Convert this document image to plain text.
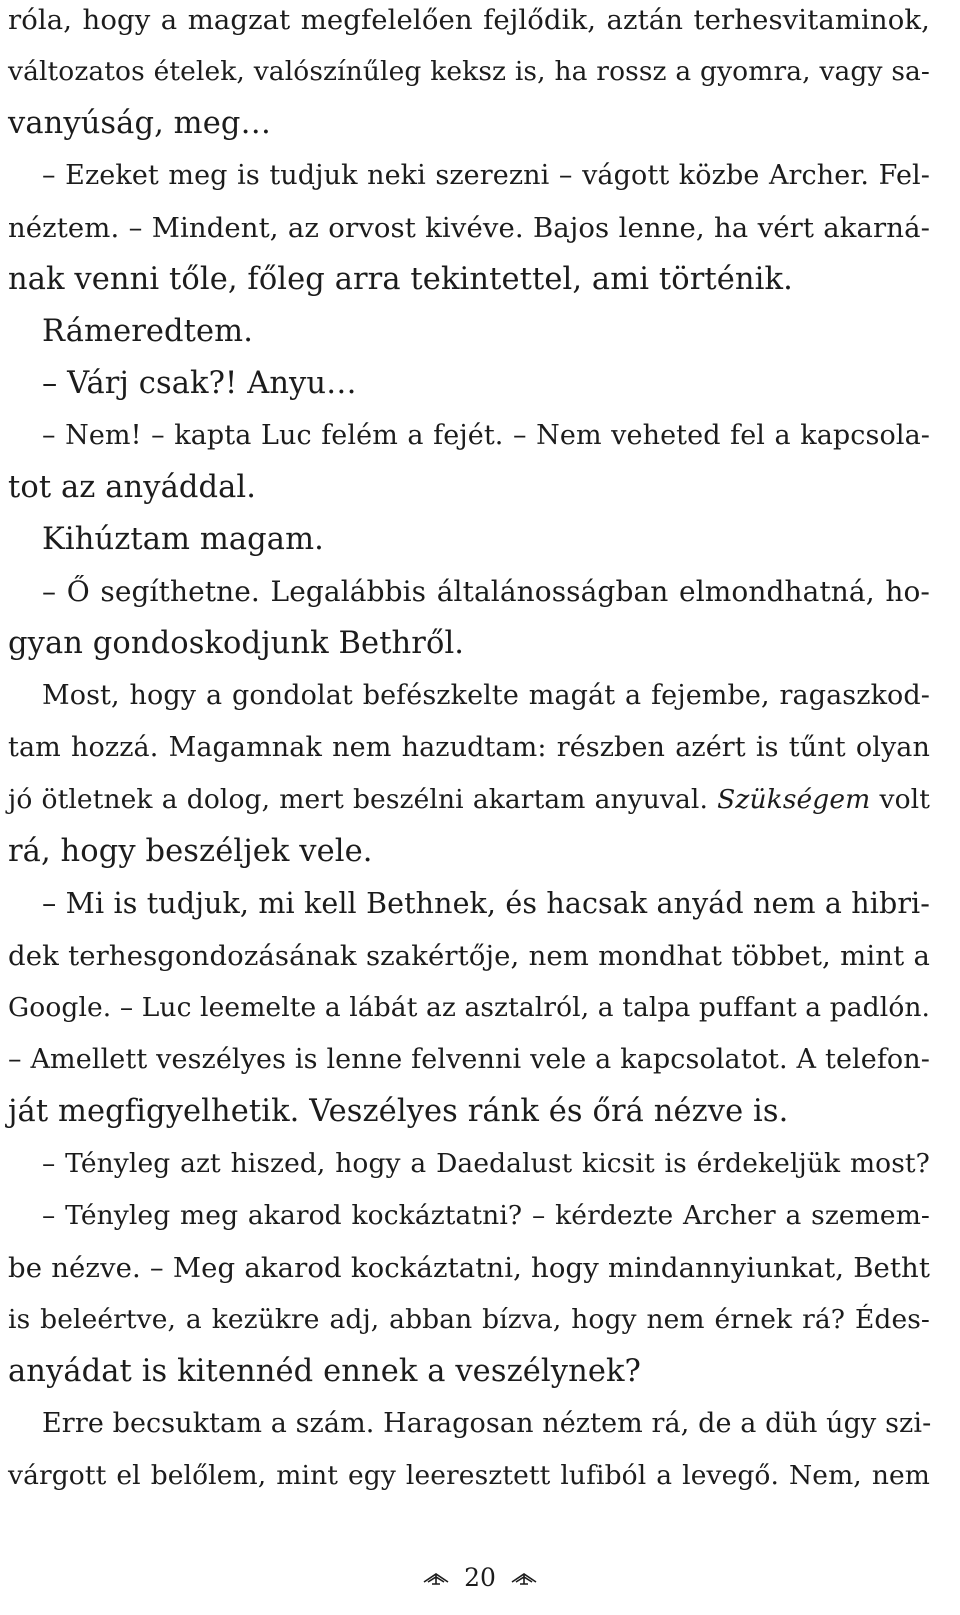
róla, hogy a magzat megfelelően fejlődik, aztán terhesvitaminok,
változatos ételek, valószínűleg keksz is, ha rossz a gyomra, vagy sa-
vanyúság, meg…
– Ezeket meg is tudjuk neki szerezni – vágott közbe Archer. Fel-
néztem. – Mindent, az orvost kivéve. Bajos lenne, ha vért akarná-
nak venni tőle, főleg arra tekintettel, ami történik.
Rámeredtem.
– Várj csak?! Anyu…
– Nem! – kapta Luc felém a fejét. – Nem veheted fel a kapcsola-
tot az anyáddal.
Kihúztam magam.
– Ő segíthetne. Legalábbis általánosságban elmondhatná, ho-
gyan gondoskodjunk Bethről.
Most, hogy a gondolat befészkelte magát a fejembe, ragaszkod-
tam hozzá. Magamnak nem hazudtam: részben azért is tűnt olyan
jó ötletnek a dolog, mert beszélni akartam anyuval. Szükségem volt
rá, hogy beszéljek vele.
– Mi is tudjuk, mi kell Bethnek, és hacsak anyád nem a hibri-
dek terhesgondozásának szakértője, nem mondhat többet, mint a
Google. – Luc leemelte a lábát az asztalról, a talpa puffant a padlón.
– Amellett veszélyes is lenne felvenni vele a kapcsolatot. A telefon-
ját megfigyelhetik. Veszélyes ránk és őrá nézve is.
– Tényleg azt hiszed, hogy a Daedalust kicsit is érdekeljük most?
– Tényleg meg akarod kockáztatni? – kérdezte Archer a szemem-
be nézve. – Meg akarod kockáztatni, hogy mindannyiunkat, Betht
is beleértve, a kezükre adj, abban bízva, hogy nem érnek rá? Édes-
anyádat is kitennéd ennek a veszélynek?
Erre becsuktam a szám. Haragosan néztem rá, de a düh úgy szi-
várgott el belőlem, mint egy leeresztett lufiból a levegő. Nem, nem
20
